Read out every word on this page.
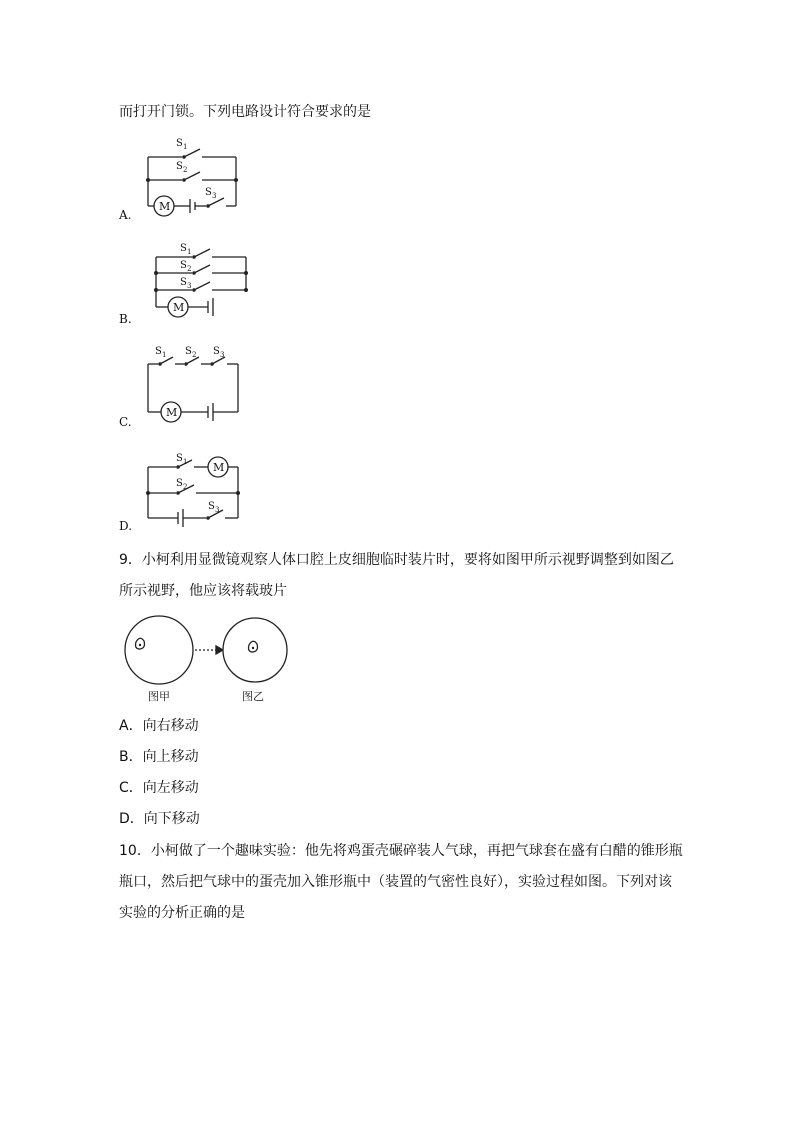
而打开门锁。下列电路设计符合要求的是
A.
S 1
S 2
M
S 3
B.
S 1
S 2
S 3
M
C.
S 1 S 2 S 3
M
D.
M
S 1
S 2
S 3
9．小柯利用显微镜观察人体口腔上皮细胞临时装片时，要将如图甲所示视野调整到如图乙
所示视野，他应该将载玻片
图甲	图乙
A．向右移动
B．向上移动
C．向左移动
D．向下移动
10．小柯做了一个趣味实验：他先将鸡蛋壳碾碎装人气球，再把气球套在盛有白醋的锥形瓶
瓶口，然后把气球中的蛋壳加入锥形瓶中（装置的气密性良好），实验过程如图。下列对该
实验的分析正确的是
